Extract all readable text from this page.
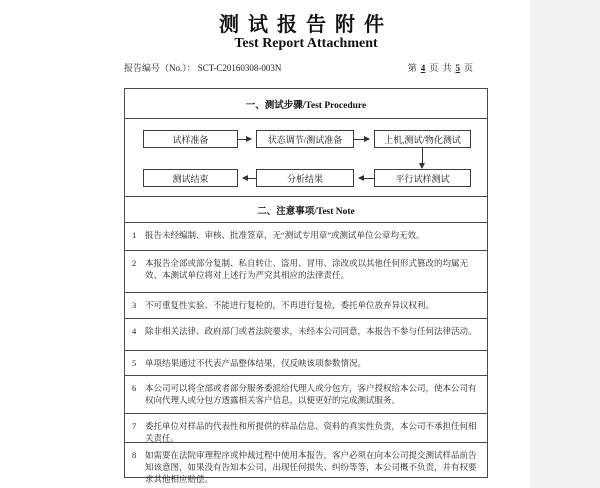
测试报告附件
Test Report Attachment
报告编号（No.）： SCT-C20160308-003N	第 4 页 共 5 页
一、测试步骤/Test Procedure
试样准备	状态调节/测试准备	上机,测试/物化测试
平行试样测试
分析结果
测试结束
二、注意事项/Test Note
1	报告未经编制、审核、批准签章，无“测试专用章”或测试单位公章均无效。
2	本报告全部或部分复制、私自转让、盗用、冒用、涂改或以其他任何形式篡改的均属无效、本测试单位将对上述行为严究其相应的法律责任。
3	不可重复性实验、不能进行复检的，不再进行复检，委托单位放弃异议权利。
4	除非相关法律、政府部门或者法院要求，未经本公司同意，本报告不参与任何法律活动。
5	单项结果通过不代表产品整体结果，仅反映该项参数情况。
6	本公司可以将全部或者部分服务委派给代理人或分包方，客户授权给本公司，使本公司有权向代理人或分包方透露相关客户信息，以便更好的完成测试服务。
7	委托单位对样品的代表性和所提供的样品信息、资料的真实性负责，本公司不承担任何相关责任。
8	如需要在法院审理程序或仲裁过程中使用本报告，客户必须在向本公司提交测试样品前告知该意图，如果没有告知本公司，出现任何损失、纠纷等等，本公司概不负责，并有权要求其他相应赔偿。
